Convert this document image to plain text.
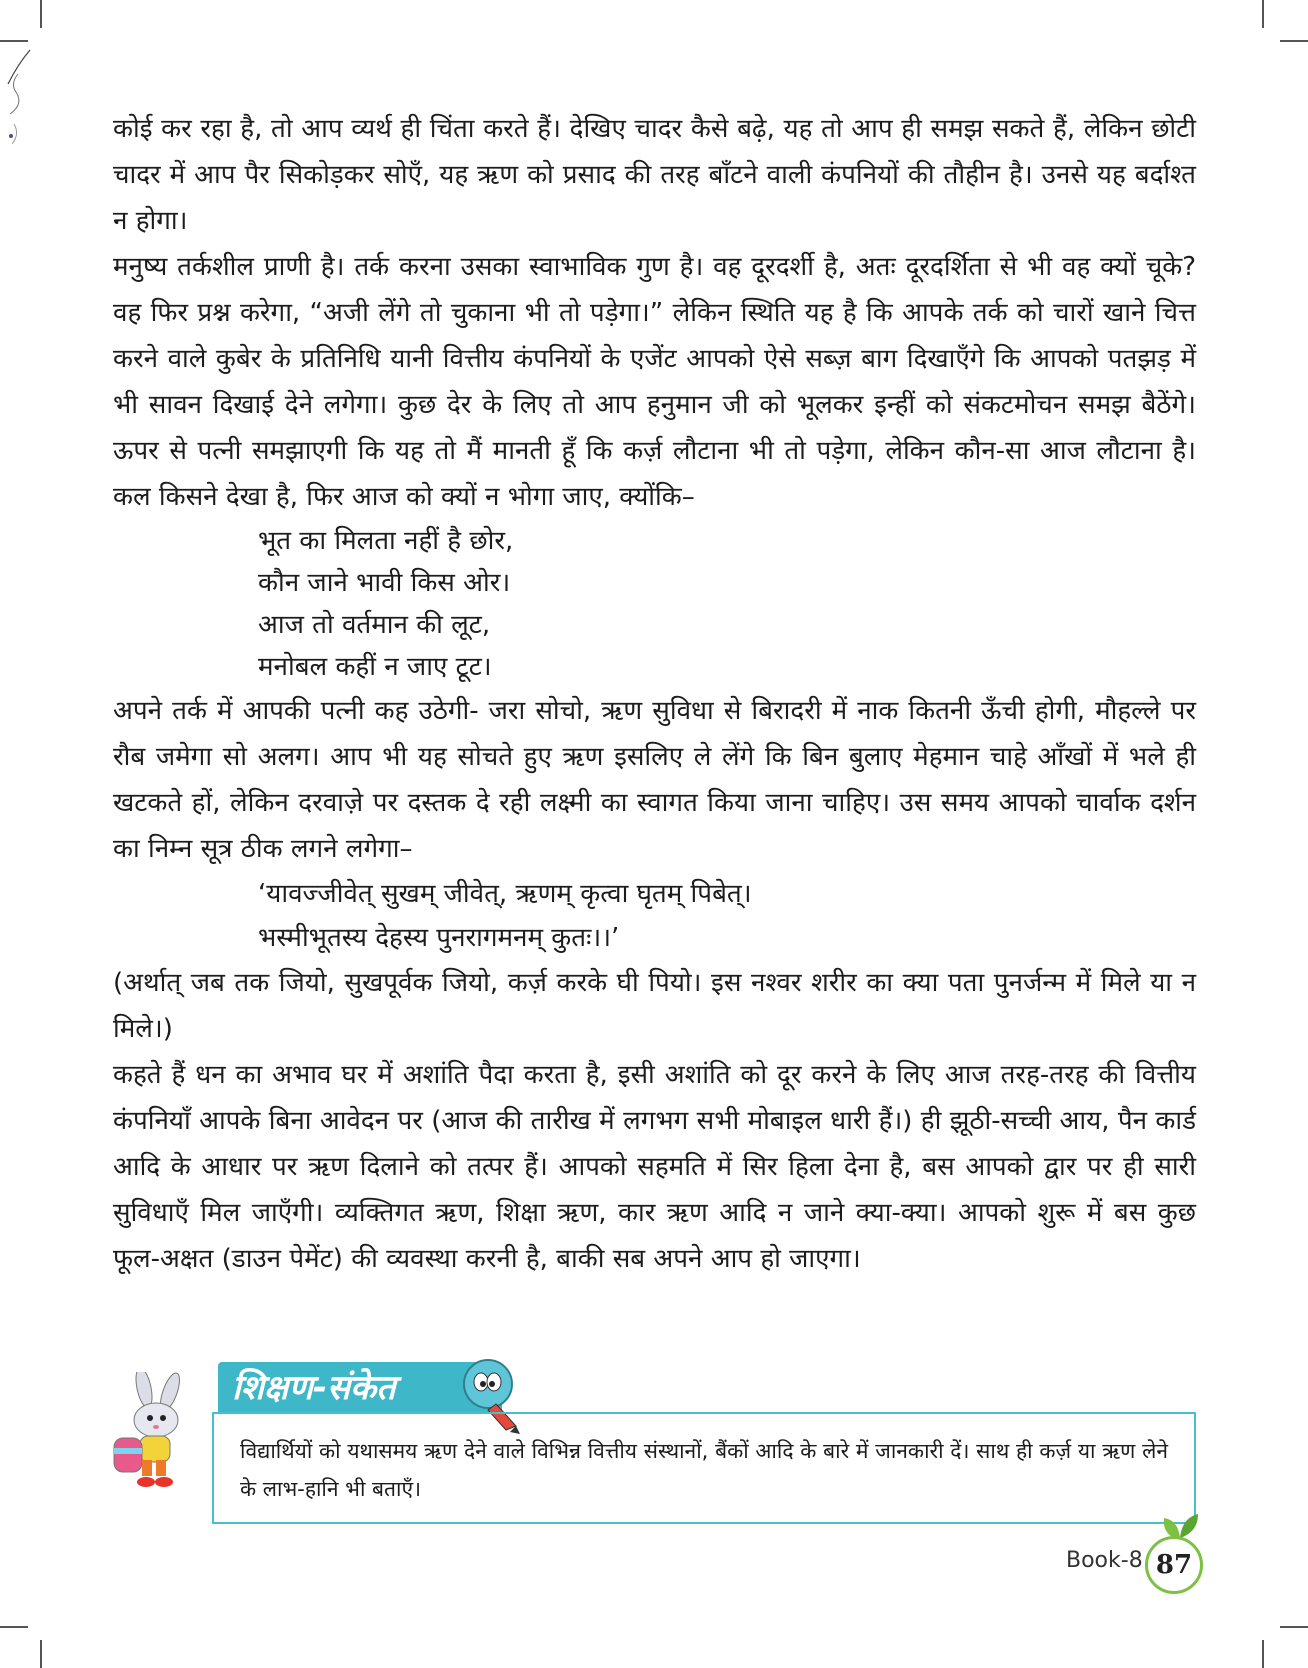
कोई कर रहा है, तो आप व्यर्थ ही चिंता करते हैं। देखिए चादर कैसे बढ़े, यह तो आप ही समझ सकते हैं, लेकिन छोटी चादर में आप पैर सिकोड़कर सोएँ, यह ऋण को प्रसाद की तरह बाँटने वाली कंपनियों की तौहीन है। उनसे यह बर्दाश्त न होगा।

मनुष्य तर्कशील प्राणी है। तर्क करना उसका स्वाभाविक गुण है। वह दूरदर्शी है, अतः दूरदर्शिता से भी वह क्यों चूके? वह फिर प्रश्न करेगा, “अजी लेंगे तो चुकाना भी तो पड़ेगा।” लेकिन स्थिति यह है कि आपके तर्क को चारों खाने चित्त करने वाले कुबेर के प्रतिनिधि यानी वित्तीय कंपनियों के एजेंट आपको ऐसे सब्ज़ बाग दिखाएँगे कि आपको पतझड़ में भी सावन दिखाई देने लगेगा। कुछ देर के लिए तो आप हनुमान जी को भूलकर इन्हीं को संकटमोचन समझ बैठेंगे। ऊपर से पत्नी समझाएगी कि यह तो मैं मानती हूँ कि कर्ज़ लौटाना भी तो पड़ेगा, लेकिन कौन-सा आज लौटाना है। कल किसने देखा है, फिर आज को क्यों न भोगा जाए, क्योंकि–

भूत का मिलता नहीं है छोर,
कौन जाने भावी किस ओर।
आज तो वर्तमान की लूट,
मनोबल कहीं न जाए टूट।

अपने तर्क में आपकी पत्नी कह उठेगी- जरा सोचो, ऋण सुविधा से बिरादरी में नाक कितनी ऊँची होगी, मौहल्ले पर रौब जमेगा सो अलग। आप भी यह सोचते हुए ऋण इसलिए ले लेंगे कि बिन बुलाए मेहमान चाहे आँखों में भले ही खटकते हों, लेकिन दरवाज़े पर दस्तक दे रही लक्ष्मी का स्वागत किया जाना चाहिए। उस समय आपको चार्वाक दर्शन का निम्न सूत्र ठीक लगने लगेगा–

‘यावज्जीवेत् सुखम् जीवेत्, ऋणम् कृत्वा घृतम् पिबेत्।
भस्मीभूतस्य देहस्य पुनरागमनम् कुतः।।’

(अर्थात् जब तक जियो, सुखपूर्वक जियो, कर्ज़ करके घी पियो। इस नश्वर शरीर का क्या पता पुनर्जन्म में मिले या न मिले।)

कहते हैं धन का अभाव घर में अशांति पैदा करता है, इसी अशांति को दूर करने के लिए आज तरह-तरह की वित्तीय कंपनियाँ आपके बिना आवेदन पर (आज की तारीख में लगभग सभी मोबाइल धारी हैं।) ही झूठी-सच्ची आय, पैन कार्ड आदि के आधार पर ऋण दिलाने को तत्पर हैं। आपको सहमति में सिर हिला देना है, बस आपको द्वार पर ही सारी सुविधाएँ मिल जाएँगी। व्यक्तिगत ऋण, शिक्षा ऋण, कार ऋण आदि न जाने क्या-क्या। आपको शुरू में बस कुछ फूल-अक्षत (डाउन पेमेंट) की व्यवस्था करनी है, बाकी सब अपने आप हो जाएगा।

शिक्षण-संकेत
विद्यार्थियों को यथासमय ऋण देने वाले विभिन्न वित्तीय संस्थानों, बैंकों आदि के बारे में जानकारी दें। साथ ही कर्ज़ या ऋण लेने के लाभ-हानि भी बताएँ।
Book-8 87
